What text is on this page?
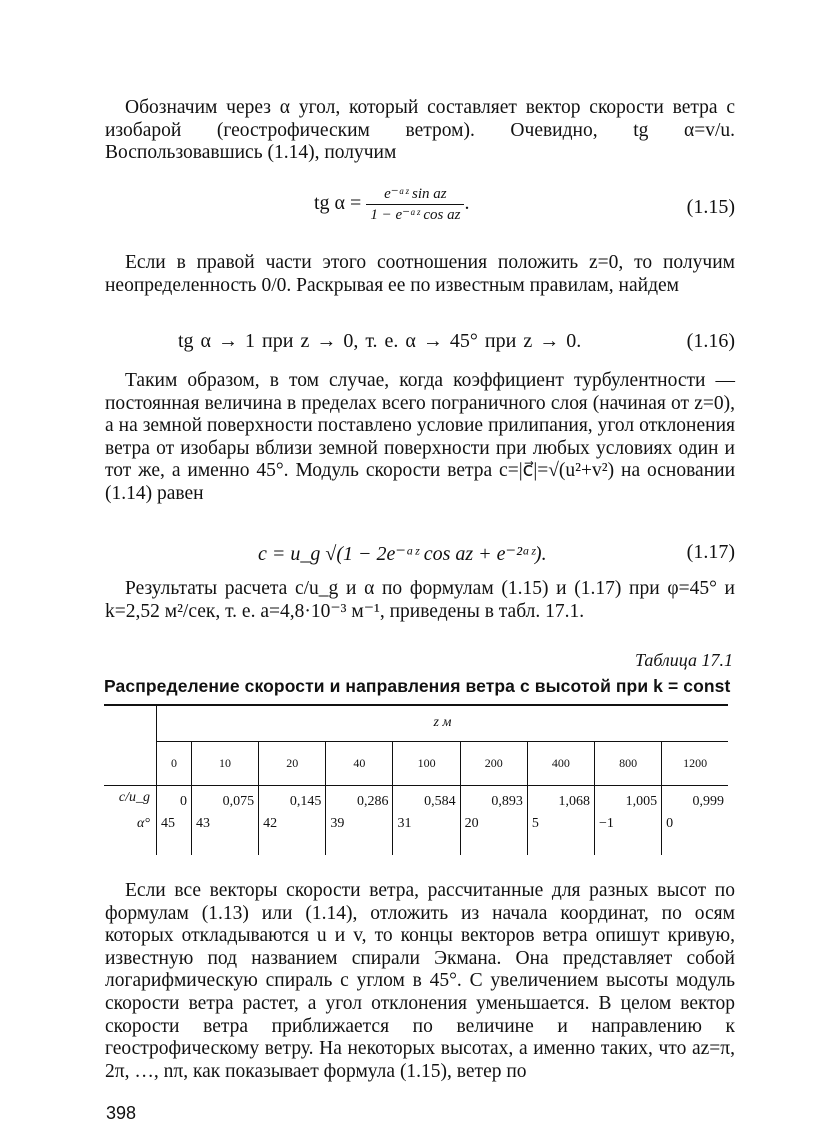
Обозначим через α угол, который составляет вектор скорости ветра с изобарой (геострофическим ветром). Очевидно, tg α=v/u. Воспользовавшись (1.14), получим
tg $\alpha = \frac{\text{e⁻ᵃᶻ sin az}}{\text{1 − e⁻ᵃᶻ cos az}}$ .	(1.15)
Если в правой части этого соотношения положить z=0, то получим неопределенность 0/0. Раскрывая ее по известным правилам, найдем
tg α → 1 при z → 0, т. е. α → 45° при z → 0.	(1.16)
Таким образом, в том случае, когда коэффициент турбулентности — постоянная величина в пределах всего пограничного слоя (начиная от z=0), а на земной поверхности поставлено условие прилипания, угол отклонения ветра от изобары вблизи земной поверхности при любых условиях один и тот же, а именно 45°. Модуль скорости ветра c=|c⃗|=√(u²+v²) на основании (1.14) равен
c = u_g √(1 − 2e⁻ᵃᶻ cos az + e⁻²ᵃᶻ).	(1.17)
Результаты расчета c/u_g и α по формулам (1.15) и (1.17) при φ=45° и k=2,52 м²/сек, т. е. a=4,8·10⁻³ м⁻¹, приведены в табл. 17.1.
Таблица 17.1
Распределение скорости и направления ветра с высотой при k = const
	z м								
	0	10	20	40	100	200	400	800	1200
c/u_g	0	0,075	0,145	0,286	0,584	0,893	1,068	1,005	0,999
α°	45	43	42	39	31	20	5	−1	0

Если все векторы скорости ветра, рассчитанные для разных высот по формулам (1.13) или (1.14), отложить из начала координат, по осям которых откладываются u и v, то концы векторов ветра опишут кривую, известную под названием спирали Экмана. Она представляет собой логарифмическую спираль с углом в 45°. С увеличением высоты модуль скорости ветра растет, а угол отклонения уменьшается. В целом вектор скорости ветра приближается по величине и направлению к геострофическому ветру. На некоторых высотах, а именно таких, что az=π, 2π, …, nπ, как показывает формула (1.15), ветер по
398
